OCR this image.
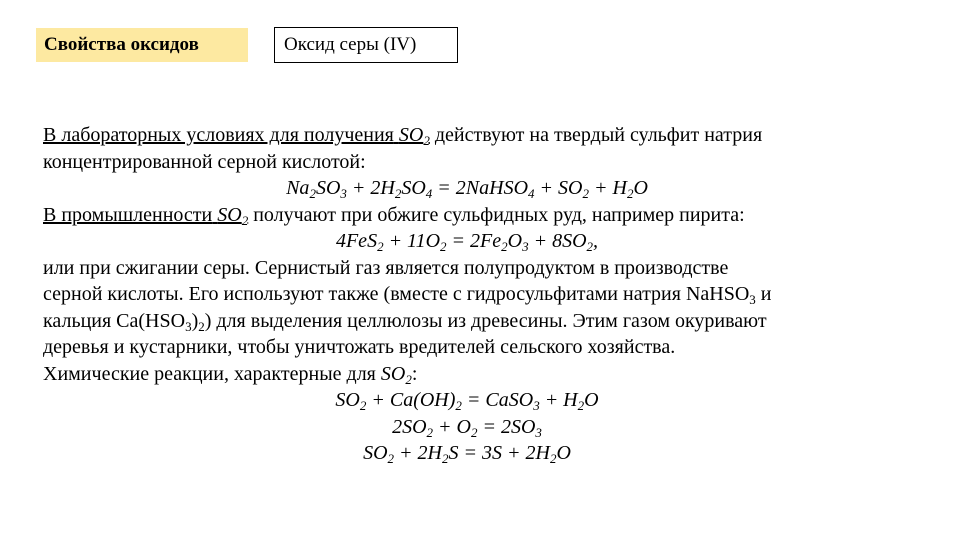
Свойства оксидов	Оксид серы (IV)
В лабораторных условиях для получения $SO_2$ действуют на твердый сульфит натрия
концентрированной серной кислотой:
$Na_2SO_3 + 2H_2SO_4$ = 2NaHSO$_4$ + $SO_2 + H_2O$
В промышленности $SO_2$ получают при обжиге сульфидных руд, например пирита:
$4FeS_2 + 11O_2 = 2Fe_2O_3 + 8SO_2$,
или при сжигании серы. Сернистый газ является полупродуктом в производстве
серной кислоты. Его используют также (вместе с гидросульфитами натрия NaHSO$_3$ и
кальция $Ca(HSO_3)_2$) для выделения целлюлозы из древесины. Этим газом окуривают
деревья и кустарники, чтобы уничтожать вредителей сельского хозяйства.
Химические реакции, характерные для $SO_2$:
$SO_2 + Ca(OH)_2$ = CaSO$_3$ + $H_2O$
$2SO_2 + O_2 = 2SO_3$
$SO_2 + 2H_2S = 3S + 2H_2O$
